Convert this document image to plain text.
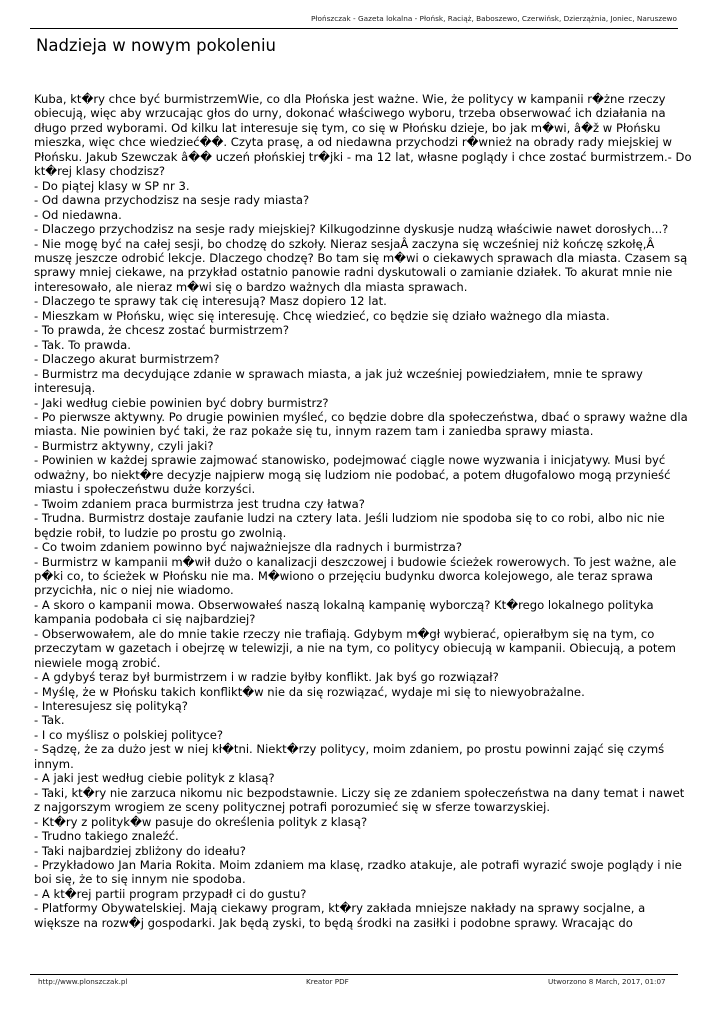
Płońszczak - Gazeta lokalna - Płońsk, Raciąż, Baboszewo, Czerwińsk, Dzierzążnia, Joniec, Naruszewo
Nadzieja w nowym pokoleniu

Kuba, kt�ry chce być burmistrzemWie, co dla Płońska jest ważne. Wie, że politycy w kampanii r�żne rzeczy obiecują, więc aby wrzucając głos do urny, dokonać właściwego wyboru, trzeba obserwować ich działania na długo przed wyborami. Od kilku lat interesuje się tym, co się w Płońsku dzieje, bo jak m�wi, â�ž w Płońsku mieszka, więc chce wiedzieć��. Czyta prasę, a od niedawna przychodzi r�wnież na obrady rady miejskiej w Płońsku. Jakub Szewczak â�� uczeń płońskiej tr�jki - ma 12 lat, własne poglądy i chce zostać burmistrzem.- Do kt�rej klasy chodzisz?

- Do piątej klasy w SP nr 3.

- Od dawna przychodzisz na sesje rady miasta?

- Od niedawna.

- Dlaczego przychodzisz na sesje rady miejskiej? Kilkugodzinne dyskusje nudzą właściwie nawet dorosłych...?

- Nie mogę być na całej sesji, bo chodzę do szkoły. Nieraz sesjaÂ zaczyna się wcześniej niż kończę szkołę,Â muszę jeszcze odrobić lekcje. Dlaczego chodzę? Bo tam się m�wi o ciekawych sprawach dla miasta. Czasem są sprawy mniej ciekawe, na przykład ostatnio panowie radni dyskutowali o zamianie działek. To akurat mnie nie interesowało, ale nieraz m�wi się o bardzo ważnych dla miasta sprawach.

- Dlaczego te sprawy tak cię interesują? Masz dopiero 12 lat.

- Mieszkam w Płońsku, więc się interesuję. Chcę wiedzieć, co będzie się działo ważnego dla miasta.

- To prawda, że chcesz zostać burmistrzem?

- Tak. To prawda.

- Dlaczego akurat burmistrzem?

- Burmistrz ma decydujące zdanie w sprawach miasta, a jak już wcześniej powiedziałem, mnie te sprawy interesują.

- Jaki według ciebie powinien być dobry burmistrz?

- Po pierwsze aktywny. Po drugie powinien myśleć, co będzie dobre dla społeczeństwa, dbać o sprawy ważne dla miasta. Nie powinien być taki, że raz pokaże się tu, innym razem tam i zaniedba sprawy miasta.

- Burmistrz aktywny, czyli jaki?

- Powinien w każdej sprawie zajmować stanowisko, podejmować ciągle nowe wyzwania i inicjatywy. Musi być odważny, bo niekt�re decyzje najpierw mogą się ludziom nie podobać, a potem długofalowo mogą przynieść miastu i społeczeństwu duże korzyści.

- Twoim zdaniem praca burmistrza jest trudna czy łatwa?

- Trudna. Burmistrz dostaje zaufanie ludzi na cztery lata. Jeśli ludziom nie spodoba się to co robi, albo nic nie będzie robił, to ludzie po prostu go zwolnią.

- Co twoim zdaniem powinno być najważniejsze dla radnych i burmistrza?

- Burmistrz w kampanii m�wił dużo o kanalizacji deszczowej i budowie ścieżek rowerowych. To jest ważne, ale p�ki co, to ścieżek w Płońsku nie ma. M�wiono o przejęciu budynku dworca kolejowego, ale teraz sprawa przycichła, nic o niej nie wiadomo.

- A skoro o kampanii mowa. Obserwowałeś naszą lokalną kampanię wyborczą? Kt�rego lokalnego polityka kampania podobała ci się najbardziej?

- Obserwowałem, ale do mnie takie rzeczy nie trafiają. Gdybym m�gł wybierać, opierałbym się na tym, co przeczytam w gazetach i obejrzę w telewizji, a nie na tym, co politycy obiecują w kampanii. Obiecują, a potem niewiele mogą zrobić.

- A gdybyś teraz był burmistrzem i w radzie byłby konflikt. Jak byś go rozwiązał?

- Myślę, że w Płońsku takich konflikt�w nie da się rozwiązać, wydaje mi się to niewyobrażalne.

- Interesujesz się polityką?

- Tak.

- I co myślisz o polskiej polityce?

- Sądzę, że za dużo jest w niej kł�tni. Niekt�rzy politycy, moim zdaniem, po prostu powinni zająć się czymś innym.

- A jaki jest według ciebie polityk z klasą?

- Taki, kt�ry nie zarzuca nikomu nic bezpodstawnie. Liczy się ze zdaniem społeczeństwa na dany temat i nawet z najgorszym wrogiem ze sceny politycznej potrafi porozumieć się w sferze towarzyskiej.

- Kt�ry z polityk�w pasuje do określenia polityk z klasą?

- Trudno takiego znaleźć.

- Taki najbardziej zbliżony do ideału?

- Przykładowo Jan Maria Rokita. Moim zdaniem ma klasę, rzadko atakuje, ale potrafi wyrazić swoje poglądy i nie boi się, że to się innym nie spodoba.

- A kt�rej partii program przypadł ci do gustu?

- Platformy Obywatelskiej. Mają ciekawy program, kt�ry zakłada mniejsze nakłady na sprawy socjalne, a większe na rozw�j gospodarki. Jak będą zyski, to będą środki na zasiłki i podobne sprawy. Wracając do

http://www.plonszczak.pl	Kreator PDF	Utworzono 8 March, 2017, 01:07
